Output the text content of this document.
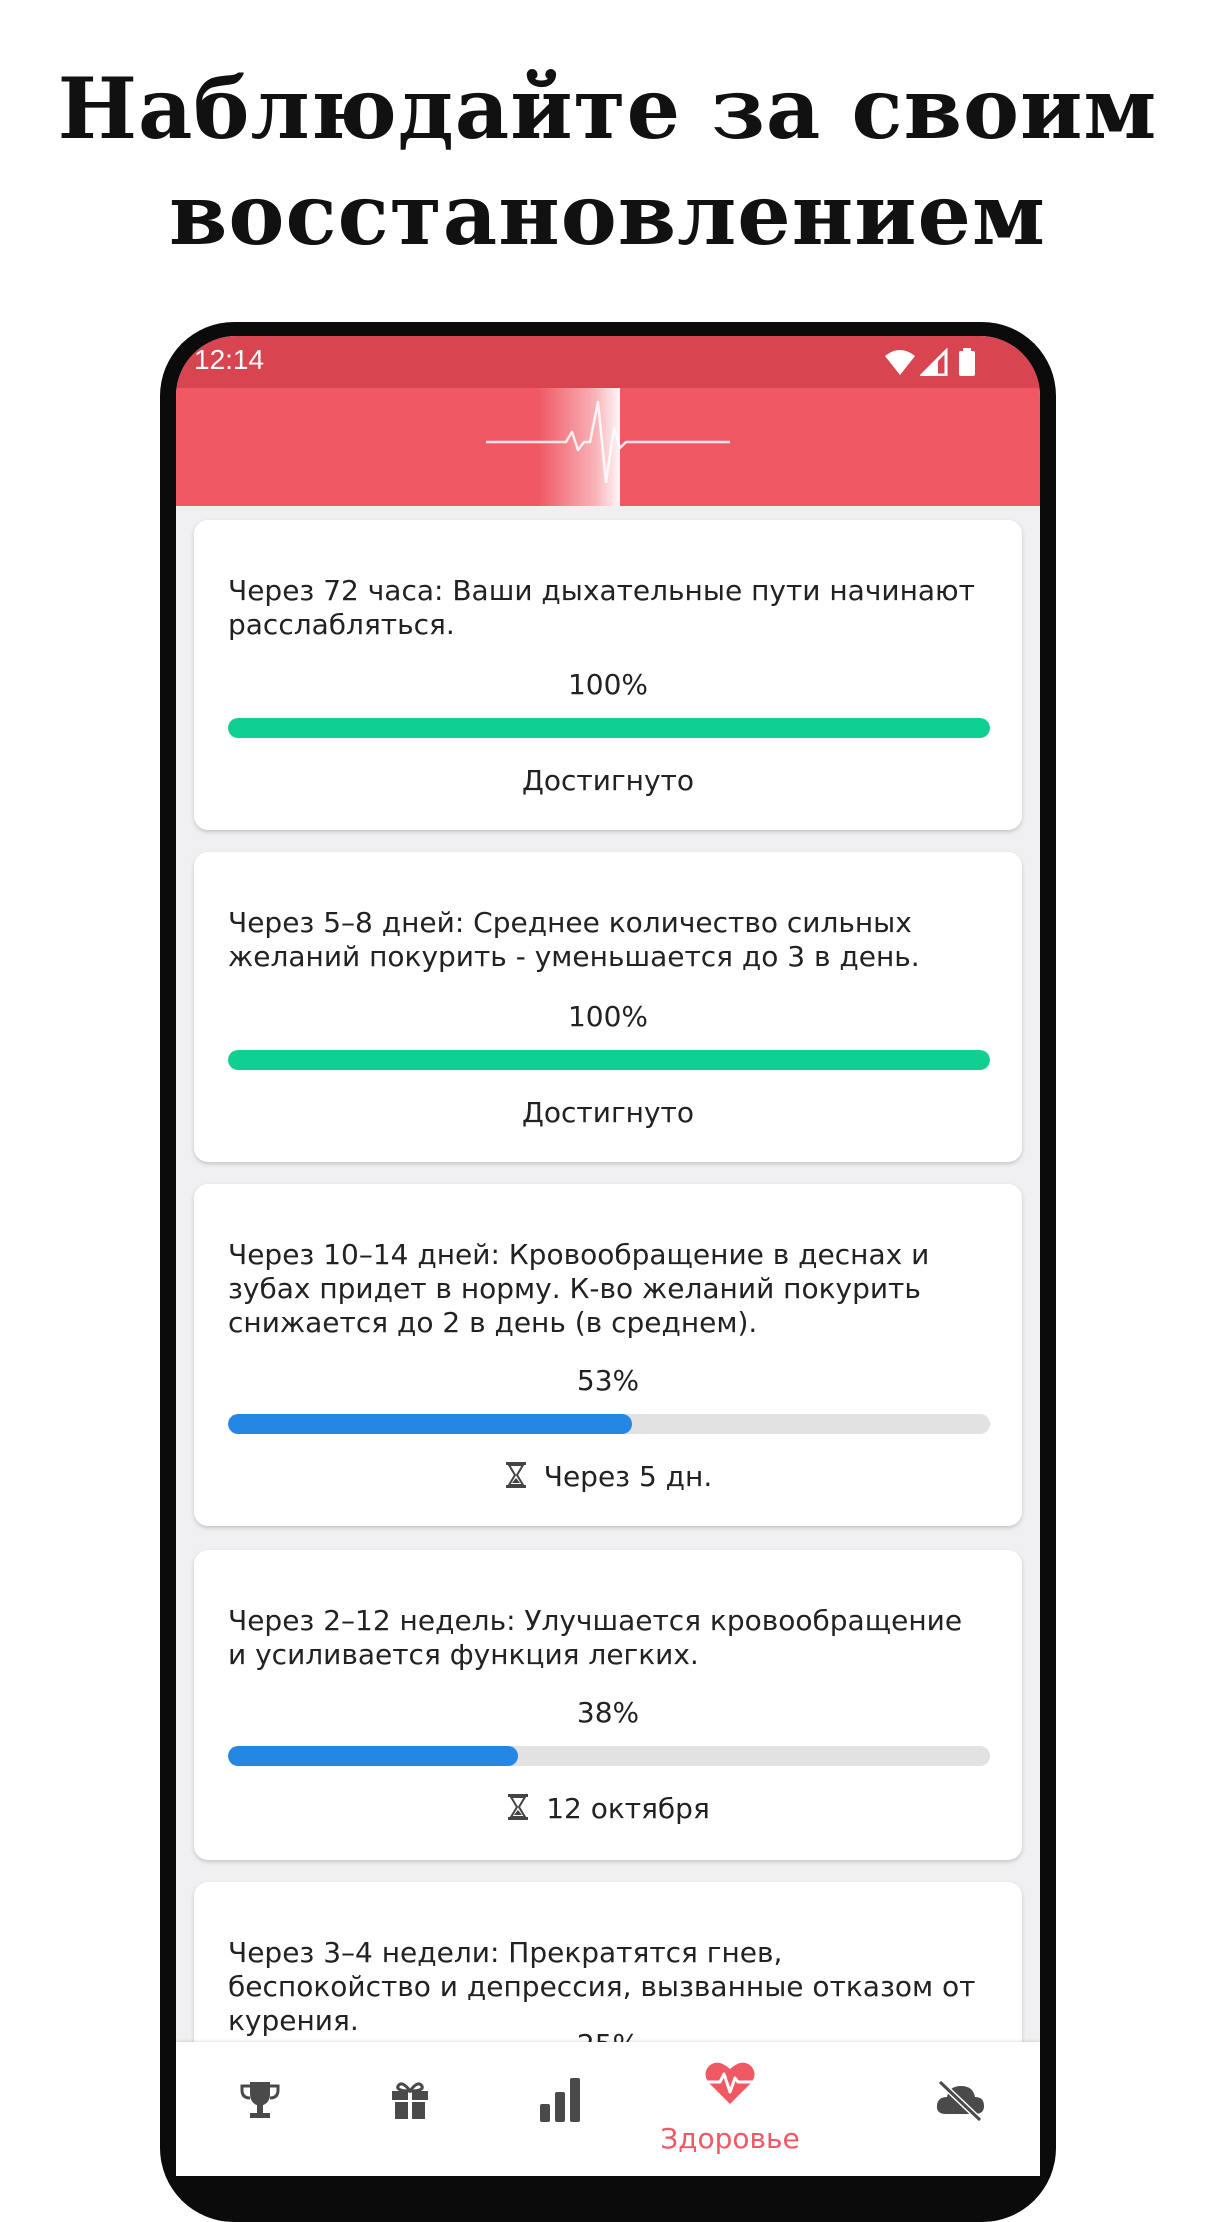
Наблюдайте за своим
восстановлением
12:14
Через 72 часа: Ваши дыхательные пути начинают расслабляться.
100%
Достигнуто
Через 5–8 дней: Среднее количество сильных желаний покурить - уменьшается до 3 в день.
100%
Достигнуто
Через 10–14 дней: Кровообращение в деснах и зубах придет в норму. К-во желаний покурить снижается до 2 в день (в среднем).
53%
Через 5 дн.
Через 2–12 недель: Улучшается кровообращение и усиливается функция легких.
38%
12 октября
Через 3–4 недели: Прекратятся гнев, беспокойство и депрессия, вызванные отказом от курения.
Здоровье
